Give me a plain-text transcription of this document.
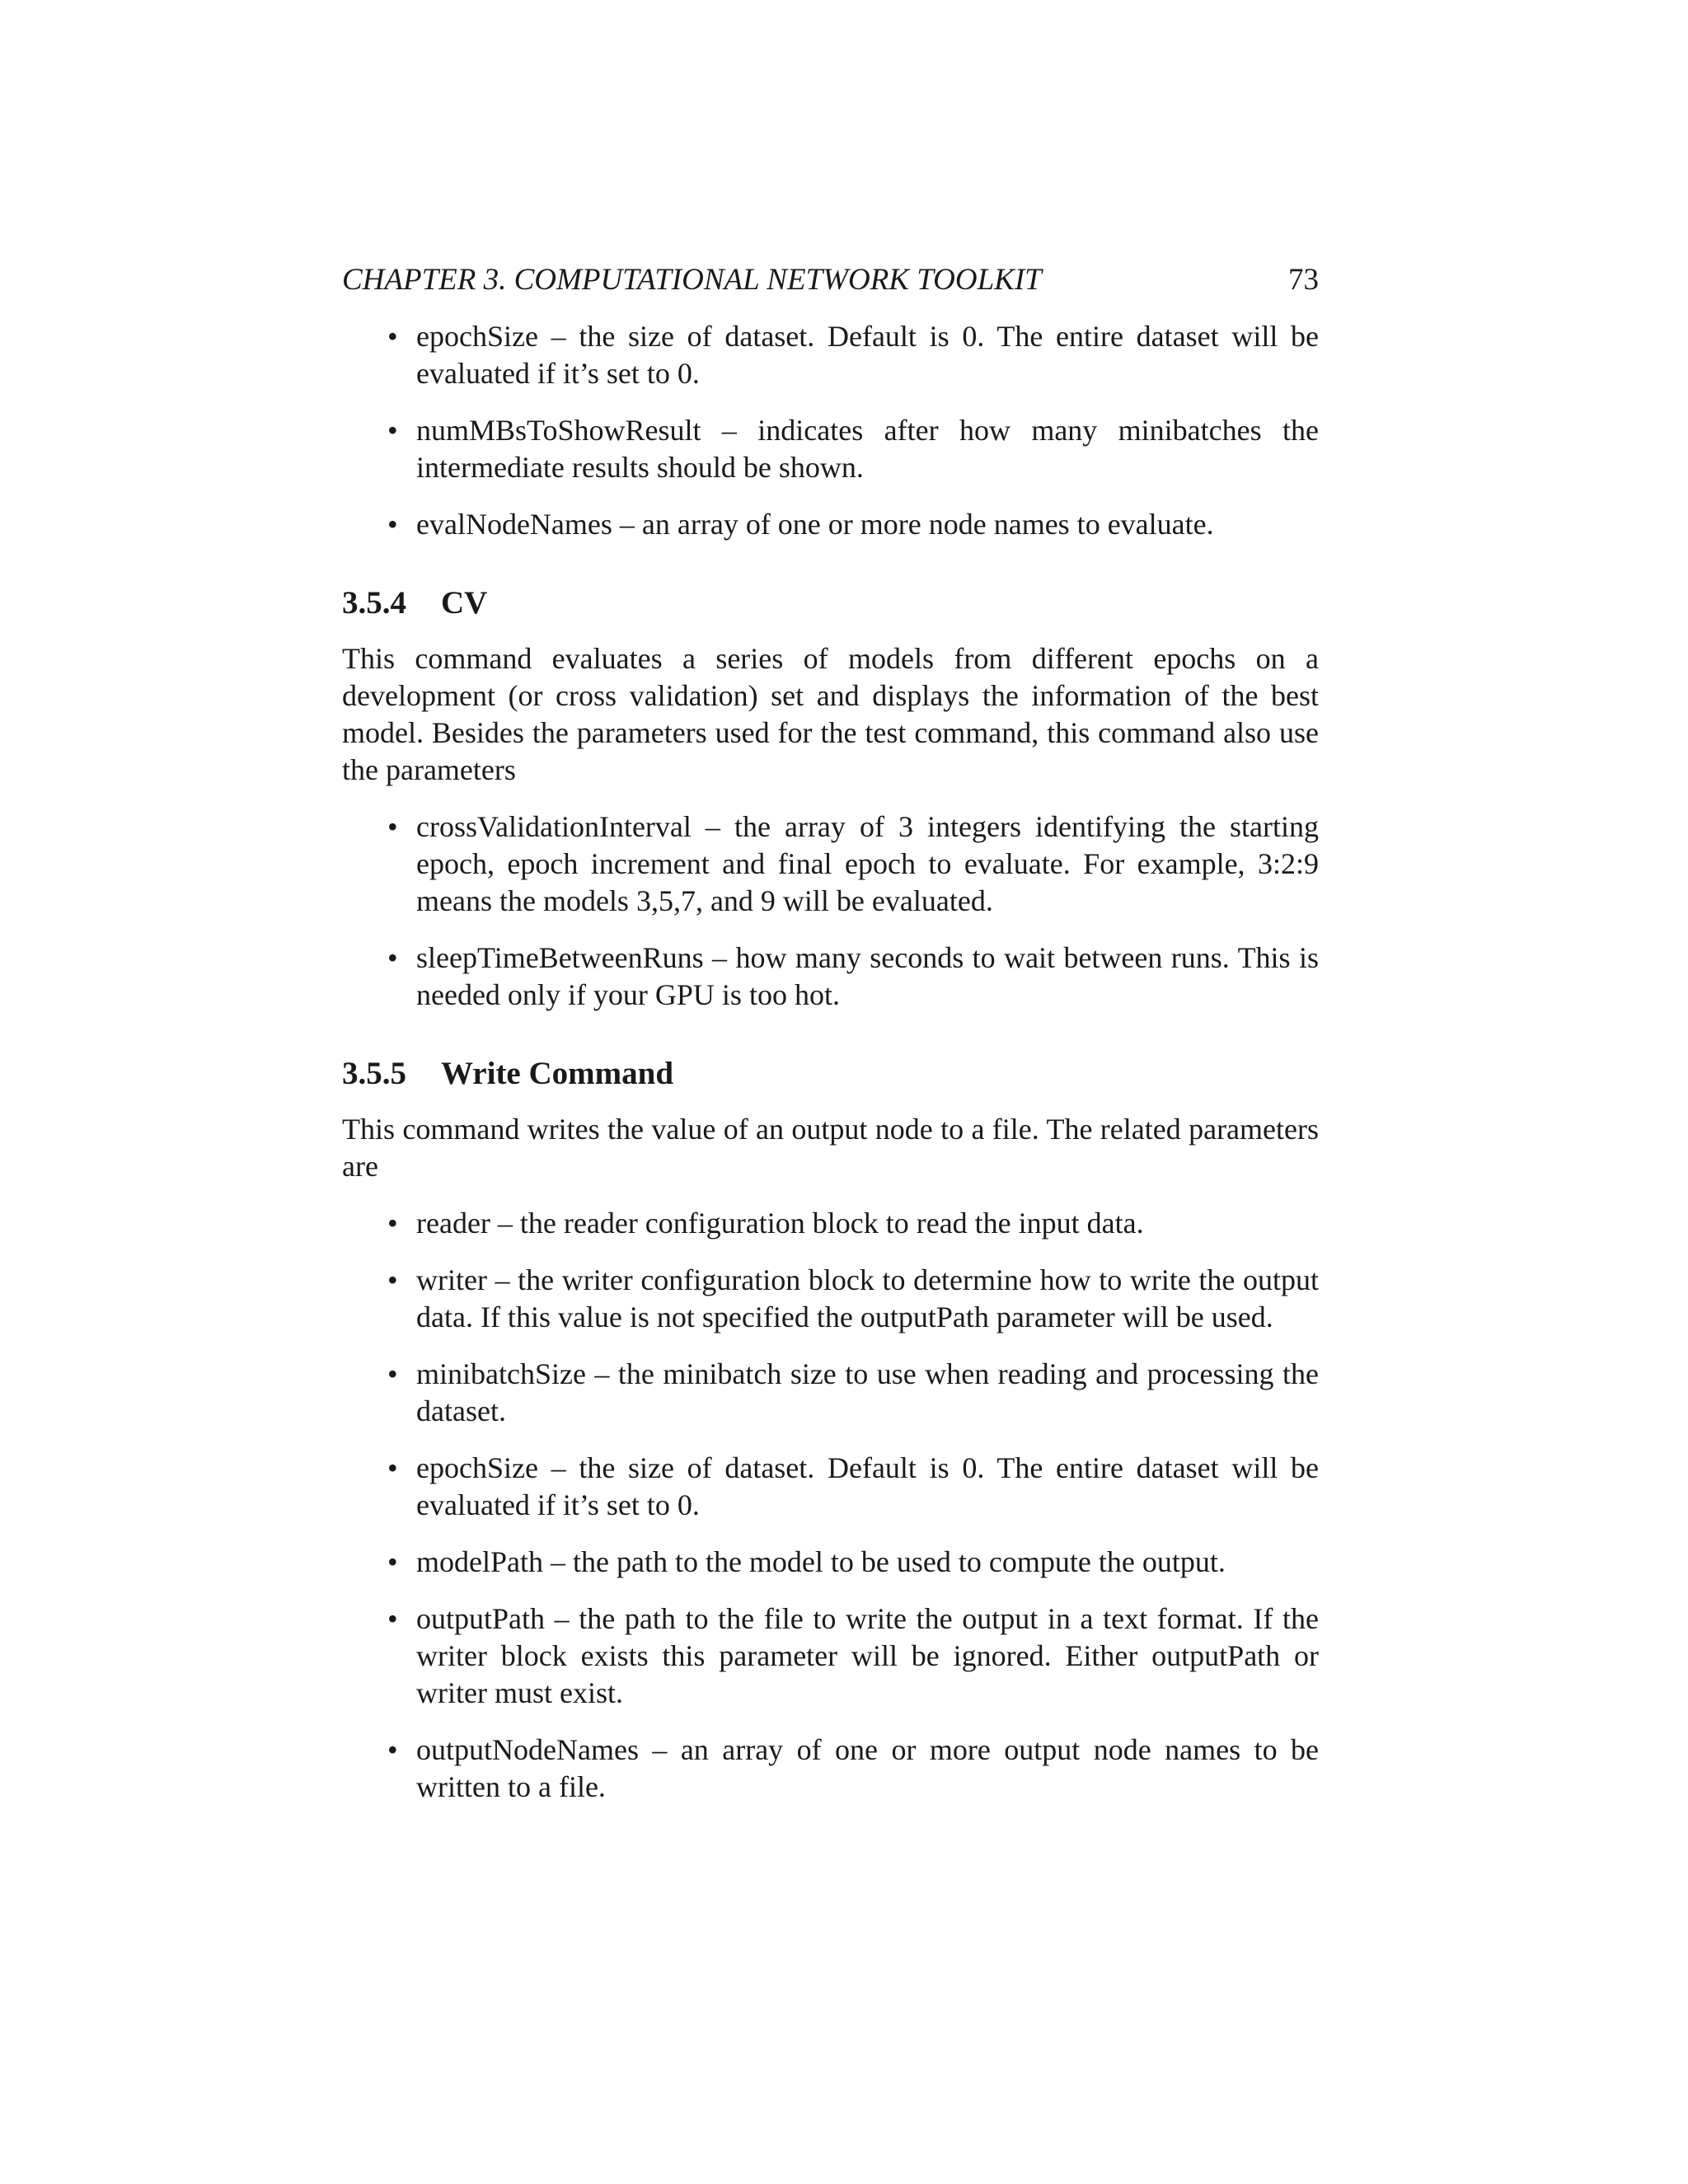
CHAPTER 3. COMPUTATIONAL NETWORK TOOLKIT	73
• epochSize – the size of dataset. Default is 0. The entire dataset will be evaluated if it’s set to 0.
• numMBsToShowResult – indicates after how many minibatches the intermediate results should be shown.
• evalNodeNames – an array of one or more node names to evaluate.
3.5.4 CV

This command evaluates a series of models from different epochs on a development (or cross validation) set and displays the information of the best model. Besides the parameters used for the test command, this command also use the parameters

• crossValidationInterval – the array of 3 integers identifying the starting epoch, epoch increment and final epoch to evaluate. For example, 3:2:9 means the models 3,5,7, and 9 will be evaluated.
• sleepTimeBetweenRuns – how many seconds to wait between runs. This is needed only if your GPU is too hot.
3.5.5 Write Command

This command writes the value of an output node to a file. The related parameters are

• reader – the reader configuration block to read the input data.
• writer – the writer configuration block to determine how to write the output data. If this value is not specified the outputPath parameter will be used.
• minibatchSize – the minibatch size to use when reading and processing the dataset.
• epochSize – the size of dataset. Default is 0. The entire dataset will be evaluated if it’s set to 0.
• modelPath – the path to the model to be used to compute the output.
• outputPath – the path to the file to write the output in a text format. If the writer block exists this parameter will be ignored. Either outputPath or writer must exist.
• outputNodeNames – an array of one or more output node names to be written to a file.
